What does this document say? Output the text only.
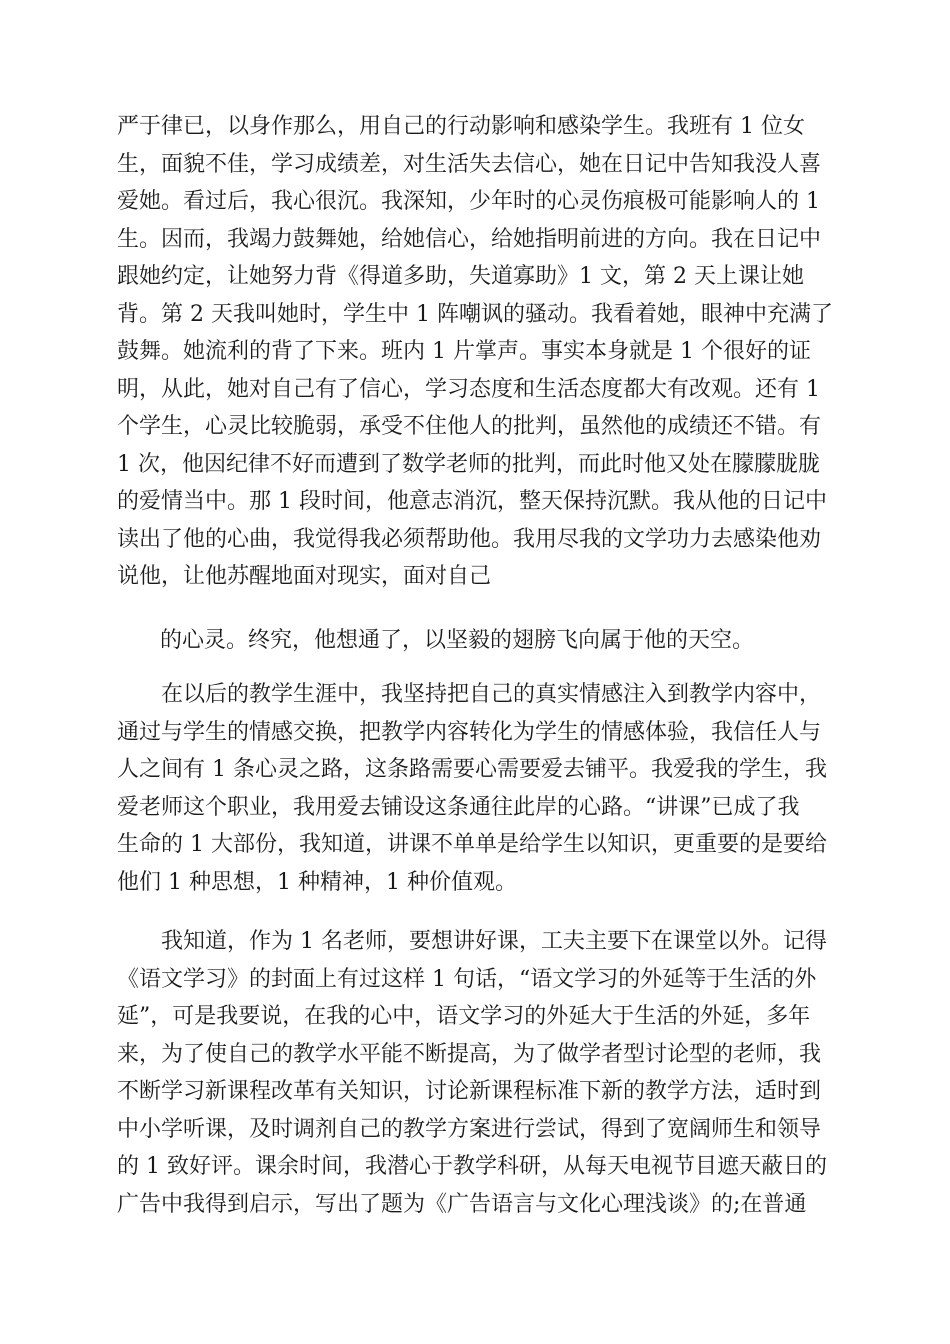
严于律已，以身作那么，用自己的行动影响和感染学生。我班有 1 位女
生，面貌不佳，学习成绩差，对生活失去信心，她在日记中告知我没人喜
爱她。看过后，我心很沉。我深知，少年时的心灵伤痕极可能影响人的 1
生。因而，我竭力鼓舞她，给她信心，给她指明前进的方向。我在日记中
跟她约定，让她努力背《得道多助，失道寡助》1 文，第 2 天上课让她
背。第 2 天我叫她时，学生中 1 阵嘲讽的骚动。我看着她，眼神中充满了
鼓舞。她流利的背了下来。班内 1 片掌声。事实本身就是 1 个很好的证
明，从此，她对自己有了信心，学习态度和生活态度都大有改观。还有 1
个学生，心灵比较脆弱，承受不住他人的批判，虽然他的成绩还不错。有
1 次，他因纪律不好而遭到了数学老师的批判，而此时他又处在朦朦胧胧
的爱情当中。那 1 段时间，他意志消沉，整天保持沉默。我从他的日记中
读出了他的心曲，我觉得我必须帮助他。我用尽我的文学功力去感染他劝
说他，让他苏醒地面对现实，面对自己
的心灵。终究，他想通了，以坚毅的翅膀飞向属于他的天空。
在以后的教学生涯中，我坚持把自己的真实情感注入到教学内容中，
通过与学生的情感交换，把教学内容转化为学生的情感体验，我信任人与
人之间有 1 条心灵之路，这条路需要心需要爱去铺平。我爱我的学生，我
爱老师这个职业，我用爱去铺设这条通往此岸的心路。“讲课”已成了我
生命的 1 大部份，我知道，讲课不单单是给学生以知识，更重要的是要给
他们 1 种思想，1 种精神，1 种价值观。
我知道，作为 1 名老师，要想讲好课，工夫主要下在课堂以外。记得
《语文学习》的封面上有过这样 1 句话，“语文学习的外延等于生活的外
延”，可是我要说，在我的心中，语文学习的外延大于生活的外延，多年
来，为了使自己的教学水平能不断提高，为了做学者型讨论型的老师，我
不断学习新课程改革有关知识，讨论新课程标准下新的教学方法，适时到
中小学听课，及时调剂自己的教学方案进行尝试，得到了宽阔师生和领导
的 1 致好评。课余时间，我潜心于教学科研，从每天电视节目遮天蔽日的
广告中我得到启示，写出了题为《广告语言与文化心理浅谈》的;在普通
